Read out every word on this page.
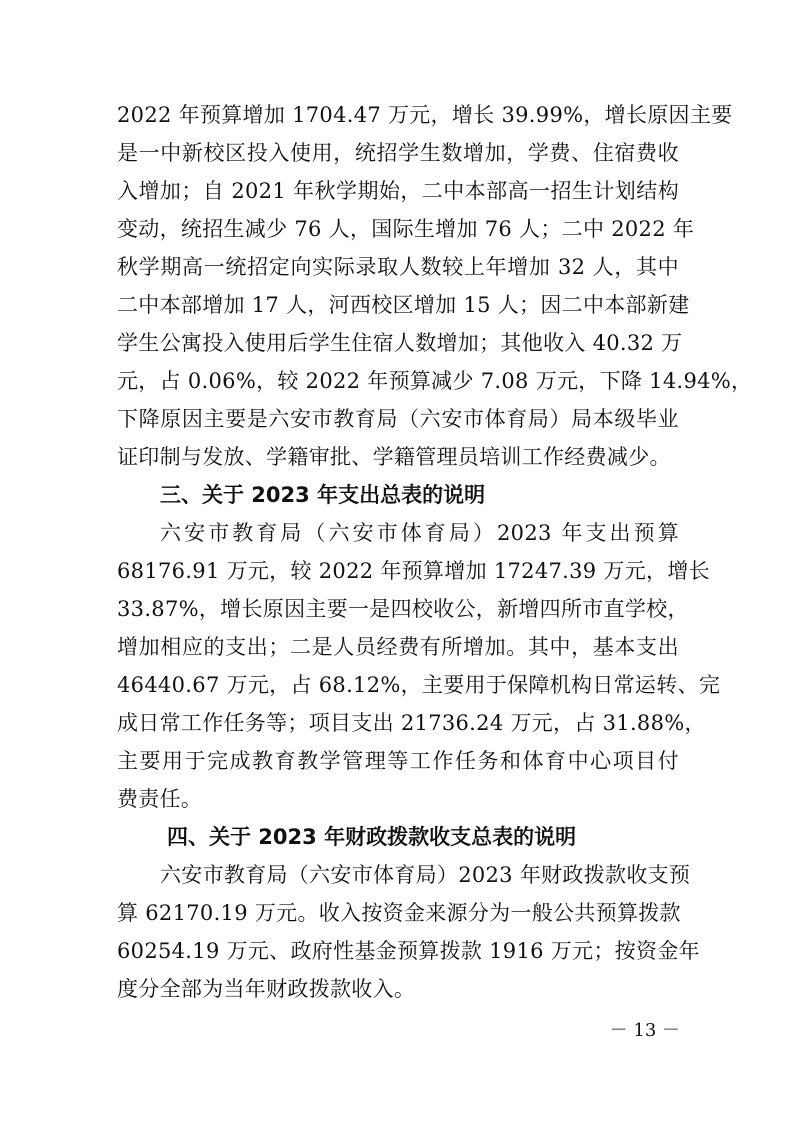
2022 年预算增加 1704.47 万元，增长 39.99%，增长原因主要
是一中新校区投入使用，统招学生数增加，学费、住宿费收
入增加；自 2021 年秋学期始，二中本部高一招生计划结构
变动，统招生减少 76 人，国际生增加 76 人；二中 2022 年
秋学期高一统招定向实际录取人数较上年增加 32 人，其中
二中本部增加 17 人，河西校区增加 15 人；因二中本部新建
学生公寓投入使用后学生住宿人数增加；其他收入 40.32 万
元，占 0.06%，较 2022 年预算减少 7.08 万元，下降 14.94%，
下降原因主要是六安市教育局（六安市体育局）局本级毕业
证印制与发放、学籍审批、学籍管理员培训工作经费减少。
三、关于 2023 年支出总表的说明
六安市教育局（六安市体育局）2023 年支出预算
68176.91 万元，较 2022 年预算增加 17247.39 万元，增长
33.87%，增长原因主要一是四校收公，新增四所市直学校，
增加相应的支出；二是人员经费有所增加。其中，基本支出
46440.67 万元，占 68.12%，主要用于保障机构日常运转、完
成日常工作任务等；项目支出 21736.24 万元，占 31.88%，
主要用于完成教育教学管理等工作任务和体育中心项目付
费责任。
四、关于 2023 年财政拨款收支总表的说明
六安市教育局（六安市体育局）2023 年财政拨款收支预
算 62170.19 万元。收入按资金来源分为一般公共预算拨款
60254.19 万元、政府性基金预算拨款 1916 万元；按资金年
度分全部为当年财政拨款收入。
－ 13 －
